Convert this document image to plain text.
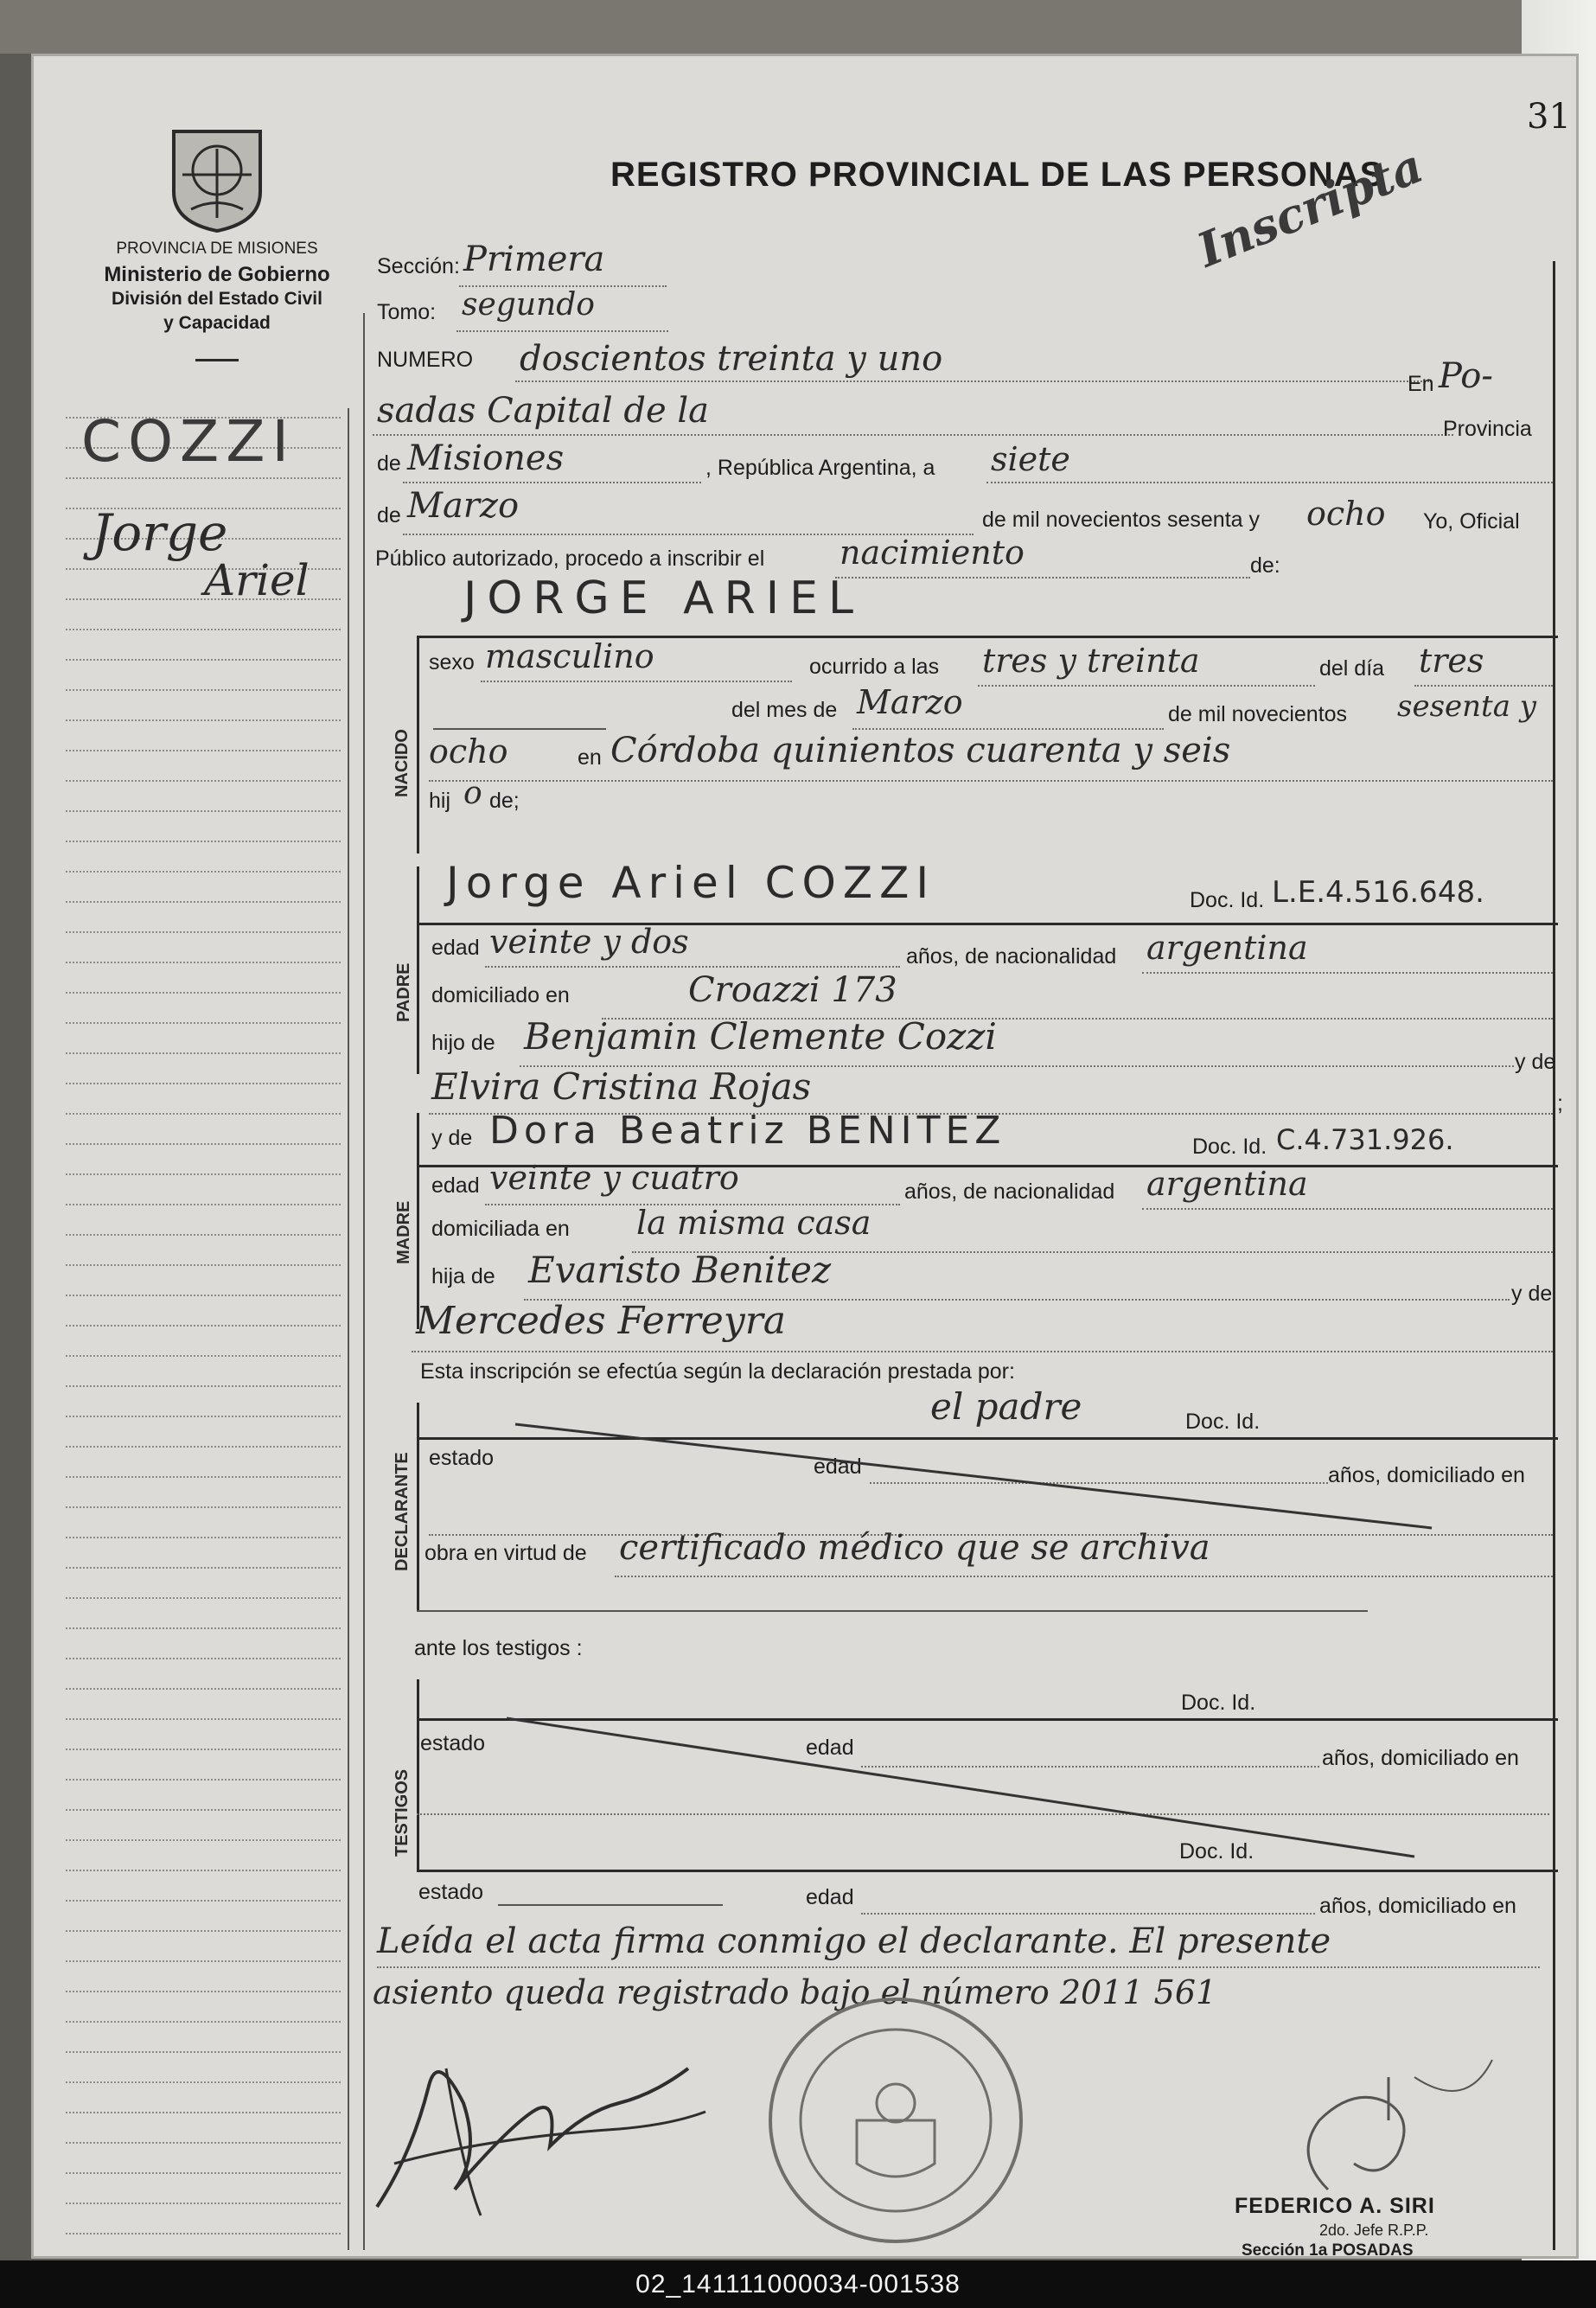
31
PROVINCIA DE MISIONES
Ministerio de Gobierno
División del Estado Civil
y Capacidad
REGISTRO PROVINCIAL DE LAS PERSONAS
Inscripta
COZZI
Jorge
Ariel
Sección: Primera
Tomo: segundo
NUMERO doscientos treinta y uno
En Po-
sadas Capital de la	Provincia
de Misiones	, República Argentina, a siete
de Marzo	de mil novecientos sesenta y ocho Yo, Oficial
Público autorizado, procedo a inscribir el nacimiento	de:
NACIDO
JORGE ARIEL
sexo masculino	ocurrido a las tres y treinta	del día tres
del mes de Marzo	de mil novecientos sesenta y
ocho	en Córdoba quinientos cuarenta y seis
hij o de;
PADRE
Jorge Ariel COZZI	Doc. Id. L.E.4.516.648.
edad veinte y dos	años, de nacionalidad argentina
domiciliado en	Croazzi 173
hijo de Benjamin Clemente Cozzi
y de
Elvira Cristina Rojas	;
MADRE
y de Dora Beatriz BENITEZ	Doc. Id. C.4.731.926.
edad veinte y cuatro	años, de nacionalidad argentina
domiciliada en la misma casa
hija de Evaristo Benitez
y de
Mercedes Ferreyra
Esta inscripción se efectúa según la declaración prestada por:
DECLARANTE
el padre	Doc. Id.
estado	edad	años, domiciliado en
obra en virtud de certificado médico que se archiva
ante los testigos :
TESTIGOS
Doc. Id.
estado	edad	años, domiciliado en
Doc. Id.
estado	edad	años, domiciliado en
Leída el acta firma conmigo el declarante. El presente
asiento queda registrado bajo el número 2011 561
FEDERICO A. SIRI
2do. Jefe R.P.P.
Sección 1a POSADAS
02_141111000034-001538
